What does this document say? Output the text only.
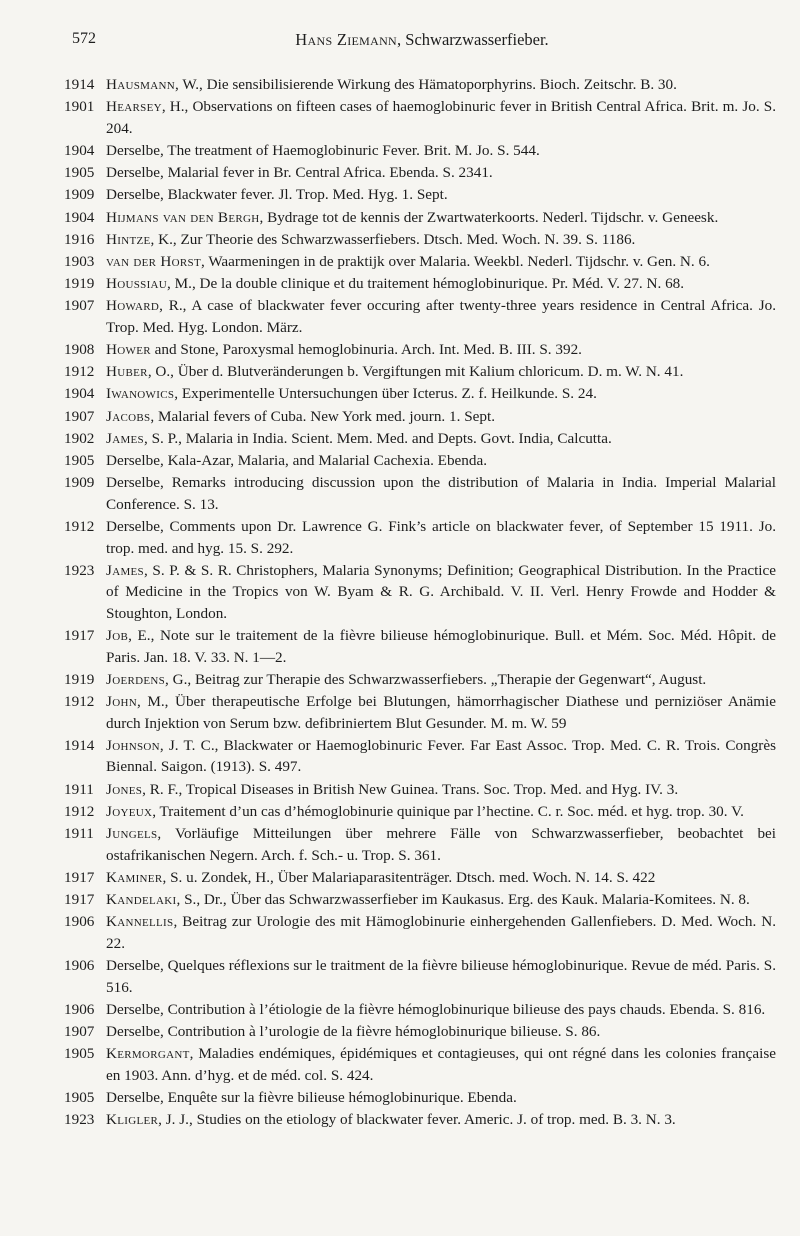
572	Hans Ziemann, Schwarzwasserfieber.
1914 Hausmann, W., Die sensibilisierende Wirkung des Hämatoporphyrins. Bioch. Zeitschr. B. 30.
1901 Hearsey, H., Observations on fifteen cases of haemoglobinuric fever in British Central Africa. Brit. m. Jo. S. 204.
1904 Derselbe, The treatment of Haemoglobinuric Fever. Brit. M. Jo. S. 544.
1905 Derselbe, Malarial fever in Br. Central Africa. Ebenda. S. 2341.
1909 Derselbe, Blackwater fever. Jl. Trop. Med. Hyg. 1. Sept.
1904 Hijmans van den Bergh, Bydrage tot de kennis der Zwartwaterkoorts. Nederl. Tijdschr. v. Geneesk.
1916 Hintze, K., Zur Theorie des Schwarzwasserfiebers. Dtsch. Med. Woch. N. 39. S. 1186.
1903 van der Horst, Waarmeningen in de praktijk over Malaria. Weekbl. Nederl. Tijdschr. v. Gen. N. 6.
1919 Houssiau, M., De la double clinique et du traitement hémoglobinurique. Pr. Méd. V. 27. N. 68.
1907 Howard, R., A case of blackwater fever occuring after twenty-three years residence in Central Africa. Jo. Trop. Med. Hyg. London. März.
1908 Hower and Stone, Paroxysmal hemoglobinuria. Arch. Int. Med. B. III. S. 392.
1912 Huber, O., Über d. Blutveränderungen b. Vergiftungen mit Kalium chloricum. D. m. W. N. 41.
1904 Iwanowics, Experimentelle Untersuchungen über Icterus. Z. f. Heilkunde. S. 24.
1907 Jacobs, Malarial fevers of Cuba. New York med. journ. 1. Sept.
1902 James, S. P., Malaria in India. Scient. Mem. Med. and Depts. Govt. India, Calcutta.
1905 Derselbe, Kala-Azar, Malaria, and Malarial Cachexia. Ebenda.
1909 Derselbe, Remarks introducing discussion upon the distribution of Malaria in India. Imperial Malarial Conference. S. 13.
1912 Derselbe, Comments upon Dr. Lawrence G. Fink’s article on blackwater fever, of September 15 1911. Jo. trop. med. and hyg. 15. S. 292.
1923 James, S. P. & S. R. Christophers, Malaria Synonyms; Definition; Geographical Distribution. In the Practice of Medicine in the Tropics von W. Byam & R. G. Archibald. V. II. Verl. Henry Frowde and Hodder & Stoughton, London.
1917 Job, E., Note sur le traitement de la fièvre bilieuse hémoglobinurique. Bull. et Mém. Soc. Méd. Hôpit. de Paris. Jan. 18. V. 33. N. 1—2.
1919 Joerdens, G., Beitrag zur Therapie des Schwarzwasserfiebers. „Therapie der Gegenwart“, August.
1912 John, M., Über therapeutische Erfolge bei Blutungen, hämorrhagischer Diathese und perniziöser Anämie durch Injektion von Serum bzw. defibriniertem Blut Gesunder. M. m. W. 59
1914 Johnson, J. T. C., Blackwater or Haemoglobinuric Fever. Far East Assoc. Trop. Med. C. R. Trois. Congrès Biennal. Saigon. (1913). S. 497.
1911 Jones, R. F., Tropical Diseases in British New Guinea. Trans. Soc. Trop. Med. and Hyg. IV. 3.
1912 Joyeux, Traitement d’un cas d’hémoglobinurie quinique par l’hectine. C. r. Soc. méd. et hyg. trop. 30. V.
1911 Jungels, Vorläufige Mitteilungen über mehrere Fälle von Schwarzwasserfieber, beobachtet bei ostafrikanischen Negern. Arch. f. Sch.- u. Trop. S. 361.
1917 Kaminer, S. u. Zondek, H., Über Malariaparasitenträger. Dtsch. med. Woch. N. 14. S. 422
1917 Kandelaki, S., Dr., Über das Schwarzwasserfieber im Kaukasus. Erg. des Kauk. Malaria-Komitees. N. 8.
1906 Kannellis, Beitrag zur Urologie des mit Hämoglobinurie einhergehenden Gallenfiebers. D. Med. Woch. N. 22.
1906 Derselbe, Quelques réflexions sur le traitment de la fièvre bilieuse hémoglobinurique. Revue de méd. Paris. S. 516.
1906 Derselbe, Contribution à l’étiologie de la fièvre hémoglobinurique bilieuse des pays chauds. Ebenda. S. 816.
1907 Derselbe, Contribution à l’urologie de la fièvre hémoglobinurique bilieuse. S. 86.
1905 Kermorgant, Maladies endémiques, épidémiques et contagieuses, qui ont régné dans les colonies française en 1903. Ann. d’hyg. et de méd. col. S. 424.
1905 Derselbe, Enquête sur la fièvre bilieuse hémoglobinurique. Ebenda.
1923 Kligler, J. J., Studies on the etiology of blackwater fever. Americ. J. of trop. med. B. 3. N. 3.
